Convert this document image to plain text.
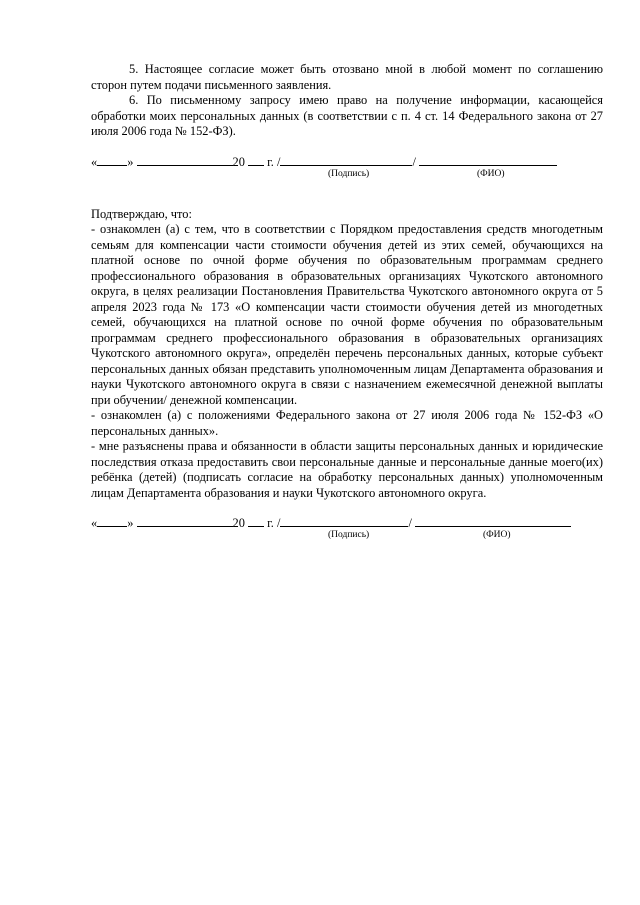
5. Настоящее согласие может быть отозвано мной в любой момент по соглашению сторон путем подачи письменного заявления.

6. По письменному запросу имею право на получение информации, касающейся обработки моих персональных данных (в соответствии с п. 4 ст. 14 Федерального закона от 27 июля 2006 года № 152-ФЗ).

« »	20 г. /	/
(Подпись)	(ФИО)

Подтверждаю, что:

- ознакомлен (а) с тем, что в соответствии с Порядком предоставления средств многодетным семьям для компенсации части стоимости обучения детей из этих семей, обучающихся на платной основе по очной форме обучения по образовательным программам среднего профессионального образования в образовательных организациях Чукотского автономного округа, в целях реализации Постановления Правительства Чукотского автономного округа от 5 апреля 2023 года № 173 «О компенсации части стоимости обучения детей из многодетных семей, обучающихся на платной основе по очной форме обучения по образовательным программам среднего профессионального образования в образовательных организациях Чукотского автономного округа», определён перечень персональных данных, которые субъект персональных данных обязан представить уполномоченным лицам Департамента образования и науки Чукотского автономного округа в связи с назначением ежемесячной денежной выплаты при обучении/ денежной компенсации.

- ознакомлен (а) с положениями Федерального закона от 27 июля 2006 года № 152-ФЗ «О персональных данных».

- мне разъяснены права и обязанности в области защиты персональных данных и юридические последствия отказа предоставить свои персональные данные и персональные данные моего(их) ребёнка (детей) (подписать согласие на обработку персональных данных) уполномоченным лицам Департамента образования и науки Чукотского автономного округа.

« »	20 г. /	/
(Подпись)	(ФИО)
